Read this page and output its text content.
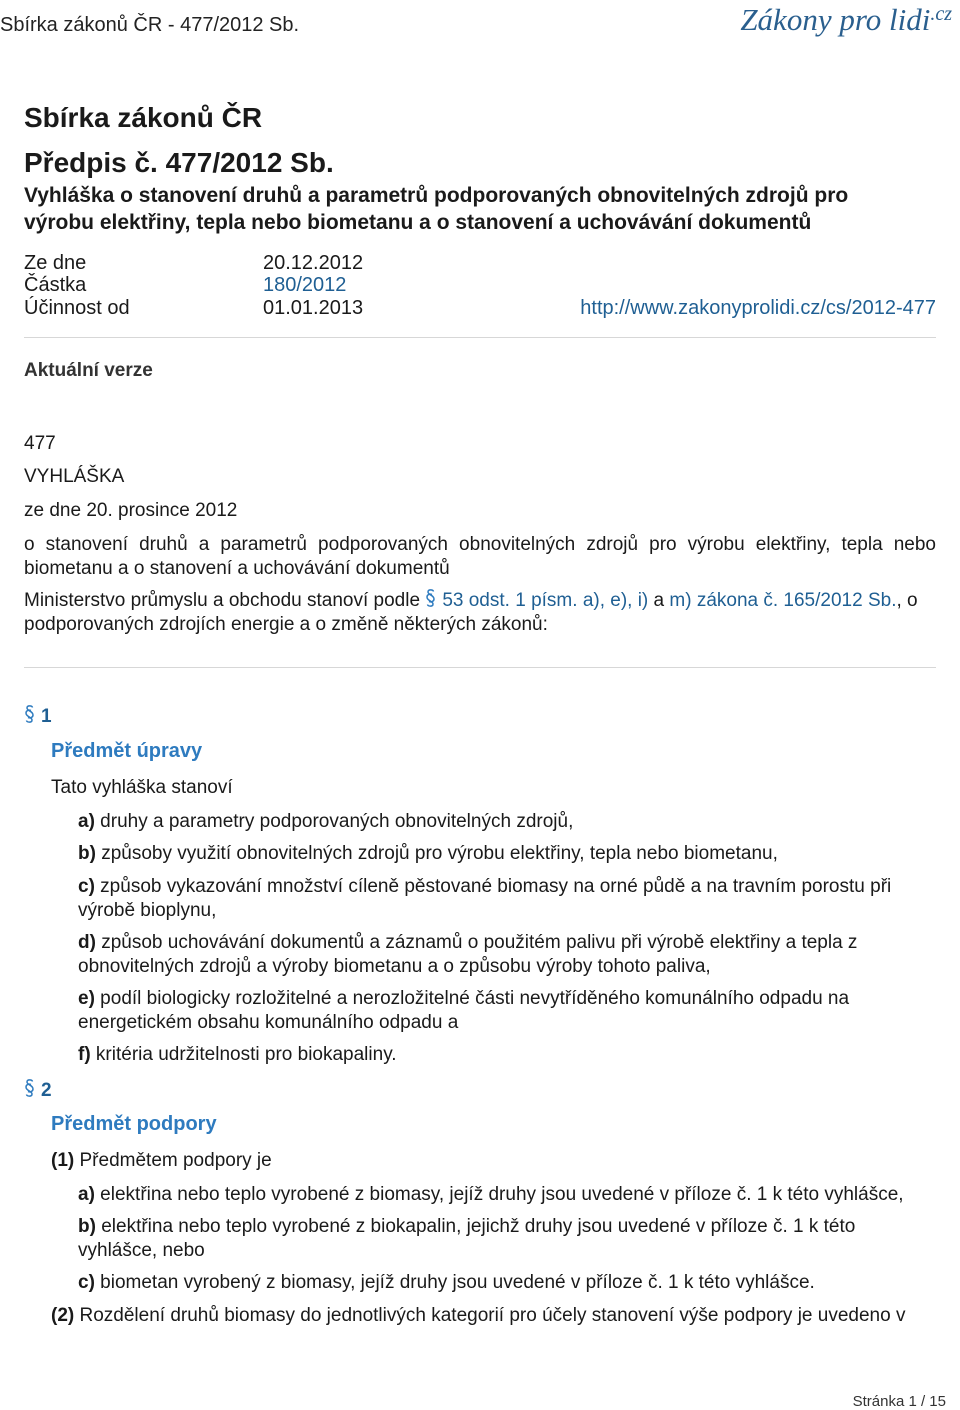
Sbírka zákonů ČR - 477/2012 Sb.	Zákony pro lidi$^{.cz}$
Sbírka zákonů ČR
Předpis č. 477/2012 Sb.
Vyhláška o stanovení druhů a parametrů podporovaných obnovitelných zdrojů pro výrobu elektřiny, tepla nebo biometanu a o stanovení a uchovávání dokumentů
Ze dne	20.12.2012
Částka	180/2012
Účinnost od	01.01.2013	http://www.zakonyprolidi.cz/cs/2012-477
Aktuální verze
477
VYHLÁŠKA
ze dne 20. prosince 2012
o stanovení druhů a parametrů podporovaných obnovitelných zdrojů pro výrobu elektřiny, tepla nebo biometanu a o stanovení a uchovávání dokumentů
Ministerstvo průmyslu a obchodu stanoví podle 53 odst. 1 písm. a), e), i) a m) zákona č. 165/2012 Sb., o podporovaných zdrojích energie a o změně některých zákonů:
1
Předmět úpravy
Tato vyhláška stanoví
a) druhy a parametry podporovaných obnovitelných zdrojů,
b) způsoby využití obnovitelných zdrojů pro výrobu elektřiny, tepla nebo biometanu,
c) způsob vykazování množství cíleně pěstované biomasy na orné půdě a na travním porostu při výrobě bioplynu,
d) způsob uchovávání dokumentů a záznamů o použitém palivu při výrobě elektřiny a tepla z obnovitelných zdrojů a výroby biometanu a o způsobu výroby tohoto paliva,
e) podíl biologicky rozložitelné a nerozložitelné části nevytříděného komunálního odpadu na energetickém obsahu komunálního odpadu a
f) kritéria udržitelnosti pro biokapaliny.
2
Předmět podpory
(1) Předmětem podpory je
a) elektřina nebo teplo vyrobené z biomasy, jejíž druhy jsou uvedené v příloze č. 1 k této vyhlášce,
b) elektřina nebo teplo vyrobené z biokapalin, jejichž druhy jsou uvedené v příloze č. 1 k této vyhlášce, nebo
c) biometan vyrobený z biomasy, jejíž druhy jsou uvedené v příloze č. 1 k této vyhlášce.
(2) Rozdělení druhů biomasy do jednotlivých kategorií pro účely stanovení výše podpory je uvedeno v
Stránka 1 / 15
